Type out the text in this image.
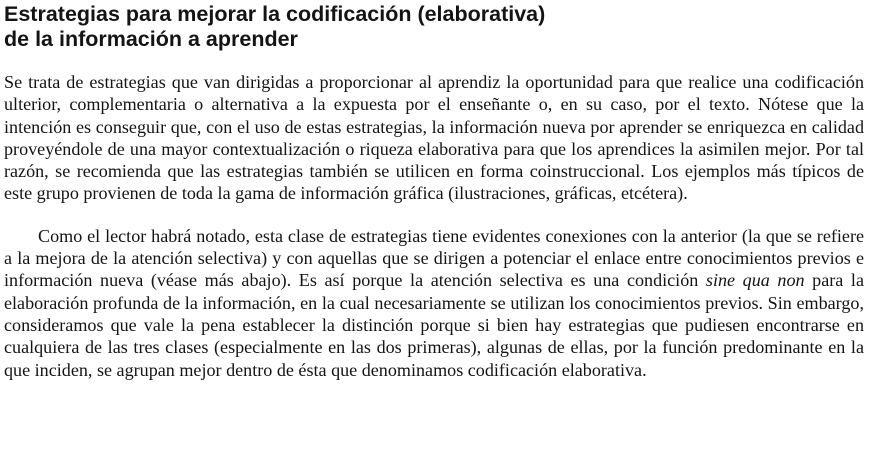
Estrategias para mejorar la codificación (elaborativa)
de la información a aprender

Se trata de estrategias que van dirigidas a proporcionar al aprendiz la oportunidad para que realice una codificación ulterior, complementaria o alternativa a la expuesta por el enseñante o, en su caso, por el texto. Nótese que la intención es conseguir que, con el uso de estas estrategias, la información nueva por aprender se enriquezca en calidad proveyéndole de una mayor contextualización o riqueza elaborativa para que los aprendices la asimilen mejor. Por tal razón, se recomienda que las estrategias también se utilicen en forma coinstruccional. Los ejemplos más típicos de este grupo provienen de toda la gama de información gráfica (ilustraciones, gráficas, etcétera).

Como el lector habrá notado, esta clase de estrategias tiene evidentes conexiones con la anterior (la que se refiere a la mejora de la atención selectiva) y con aquellas que se dirigen a potenciar el enlace entre conocimientos previos e información nueva (véase más abajo). Es así porque la atención selectiva es una condición sine qua non para la elaboración profunda de la información, en la cual necesariamente se utilizan los conocimientos previos. Sin embargo, consideramos que vale la pena establecer la distinción porque si bien hay estrategias que pudiesen encontrarse en cualquiera de las tres clases (especialmente en las dos primeras), algunas de ellas, por la función predominante en la que inciden, se agrupan mejor dentro de ésta que denominamos codificación elaborativa.
